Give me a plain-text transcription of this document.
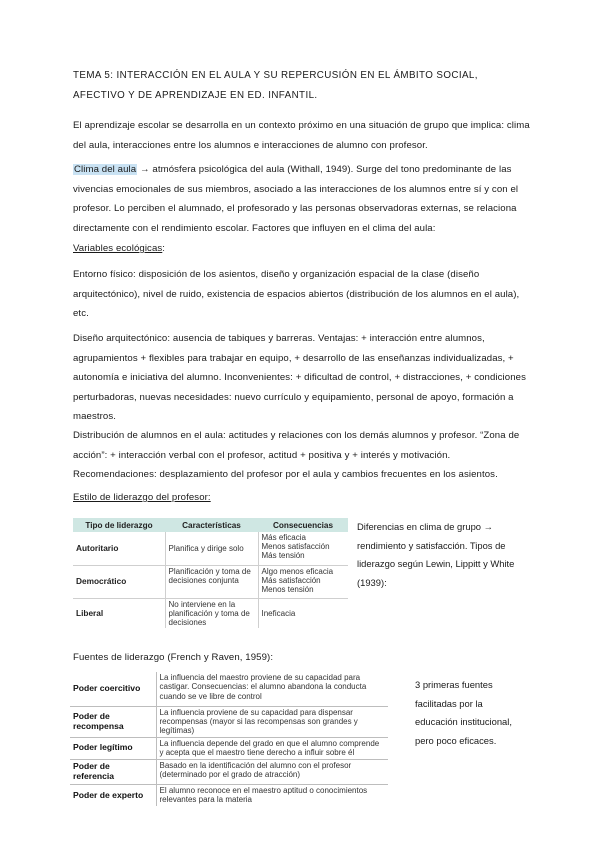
TEMA 5: INTERACCIÓN EN EL AULA Y SU REPERCUSIÓN EN EL ÁMBITO SOCIAL, AFECTIVO Y DE APRENDIZAJE EN ED. INFANTIL.
El aprendizaje escolar se desarrolla en un contexto próximo en una situación de grupo que implica: clima del aula, interacciones entre los alumnos e interacciones de alumno con profesor.
Clima del aula → atmósfera psicológica del aula (Withall, 1949). Surge del tono predominante de las vivencias emocionales de sus miembros, asociado a las interacciones de los alumnos entre sí y con el profesor. Lo perciben el alumnado, el profesorado y las personas observadoras externas, se relaciona directamente con el rendimiento escolar. Factores que influyen en el clima del aula:
Variables ecológicas:
Entorno físico: disposición de los asientos, diseño y organización espacial de la clase (diseño arquitectónico), nivel de ruido, existencia de espacios abiertos (distribución de los alumnos en el aula), etc.
Diseño arquitectónico: ausencia de tabiques y barreras. Ventajas: + interacción entre alumnos, agrupamientos + flexibles para trabajar en equipo, + desarrollo de las enseñanzas individualizadas, + autonomía e iniciativa del alumno. Inconvenientes: + dificultad de control, + distracciones, + condiciones perturbadoras, nuevas necesidades: nuevo currículo y equipamiento, personal de apoyo, formación a maestros.
Distribución de alumnos en el aula: actitudes y relaciones con los demás alumnos y profesor. “Zona de acción”: + interacción verbal con el profesor, actitud + positiva y + interés y motivación. Recomendaciones: desplazamiento del profesor por el aula y cambios frecuentes en los asientos.
Estilo de liderazgo del profesor:
Tipo de liderazgo	Características	Consecuencias
Autoritario	Planifica y dirige solo	Más eficacia
Menos satisfacción
Más tensión
Democrático	Planificación y toma de decisiones conjunta	Algo menos eficacia
Más satisfacción
Menos tensión
Liberal	No interviene en la planificación y toma de decisiones	Ineficacia
Diferencias en clima de grupo → rendimiento y satisfacción. Tipos de liderazgo según Lewin, Lippitt y White (1939):
Fuentes de liderazgo (French y Raven, 1959):
Poder coercitivo	La influencia del maestro proviene de su capacidad para castigar. Consecuencias: el alumno abandona la conducta cuando se ve libre de control
Poder de recompensa	La influencia proviene de su capacidad para dispensar recompensas (mayor si las recompensas son grandes y legítimas)
Poder legítimo	La influencia depende del grado en que el alumno comprende y acepta que el maestro tiene derecho a influir sobre él
Poder de referencia	Basado en la identificación del alumno con el profesor (determinado por el grado de atracción)
Poder de experto	El alumno reconoce en el maestro aptitud o conocimientos relevantes para la materia
3 primeras fuentes facilitadas por la educación institucional, pero poco eficaces.
